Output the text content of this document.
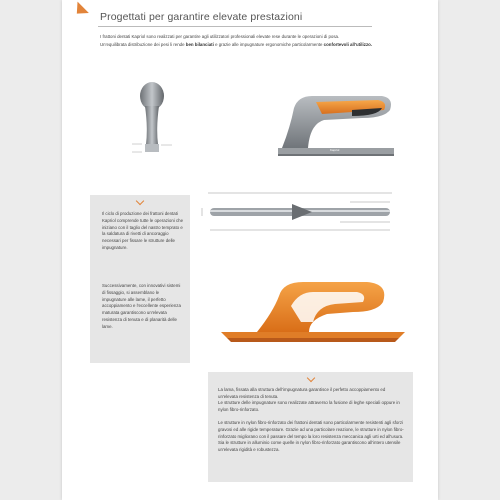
Progettati per garantire elevate prestazioni
I frattoni dentati Kapriol sono realizzati per garantire agli utilizzatori professionali elevate rese durante le operazioni di posa.
Un'equilibrata distribuzione dei pesi li rende ben bilanciati e grazie alle impugnature ergonomiche particolarmente confortevoli all'utilizzo.
Kapriol

Il ciclo di produzione dei frattoni dentati Kapriol comprende tutte le operazioni che iniziano con il taglio del nastro temprato e la saldatura di rivetti di ancoraggio necessari per fissare le strutture delle impugnature.

Successivamente, con innovativi sistemi di fissaggio, si assemblano le impugnature alle lame, il perfetto accoppiamento e l'eccellente esperienza maturata garantiscono un'elevata resistenza di tenuta e di planarità delle lame.

La lama, fissata alla struttura dell'impugnatura garantisce il perfetto accoppiamento ed un'elevata resistenza di tenuta.

Le strutture delle impugnature sono realizzate attraverso la fusione di leghe speciali oppure in nylon fibro-rinforzato.

Le strutture in nylon fibro-rinforzato dei frattoni dentati sono particolarmente resistenti agli sforzi gravosi ed alle rigide temperature. Grazie ad una particolare reazione, le strutture in nylon fibro-rinforzato migliorano con il passare del tempo la loro resistenza meccanica agli urti ed all'usura. Sia le strutture in alluminio come quelle in nylon fibro-rinforzato garantiscono all'intero utensile un'elevata rigidità e robustezza.
